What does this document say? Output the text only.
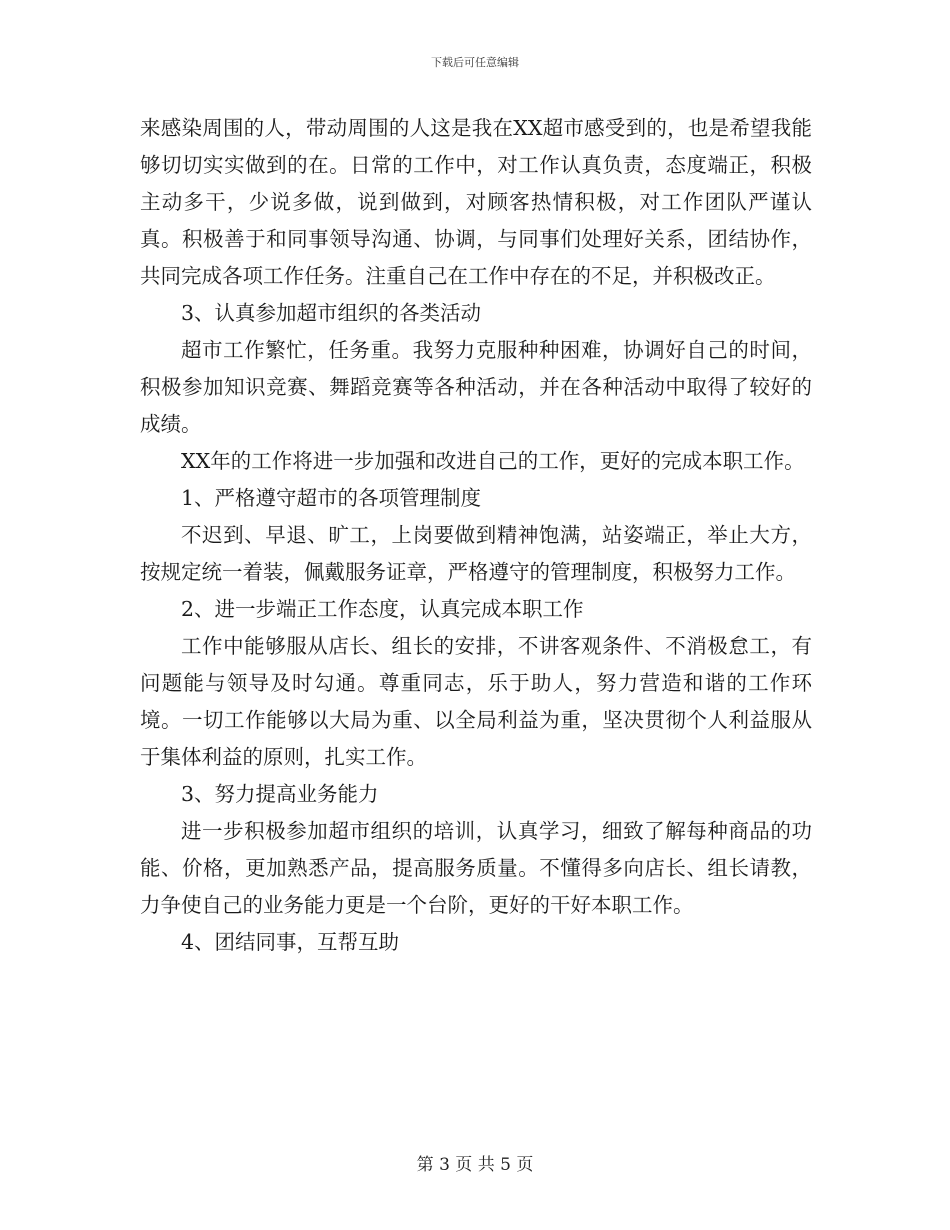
下载后可任意编辑

来感染周围的人，带动周围的人这是我在XX超市感受到的，也是希望我能够切切实实做到的在。日常的工作中，对工作认真负责，态度端正，积极主动多干，少说多做，说到做到，对顾客热情积极，对工作团队严谨认真。积极善于和同事领导沟通、协调，与同事们处理好关系，团结协作，共同完成各项工作任务。注重自己在工作中存在的不足，并积极改正。

3、认真参加超市组织的各类活动

超市工作繁忙，任务重。我努力克服种种困难，协调好自己的时间，积极参加知识竞赛、舞蹈竞赛等各种活动，并在各种活动中取得了较好的成绩。

XX年的工作将进一步加强和改进自己的工作，更好的完成本职工作。

1、严格遵守超市的各项管理制度

不迟到、早退、旷工，上岗要做到精神饱满，站姿端正，举止大方，按规定统一着装，佩戴服务证章，严格遵守的管理制度，积极努力工作。

2、进一步端正工作态度，认真完成本职工作

工作中能够服从店长、组长的安排，不讲客观条件、不消极怠工，有问题能与领导及时勾通。尊重同志，乐于助人，努力营造和谐的工作环境。一切工作能够以大局为重、以全局利益为重，坚决贯彻个人利益服从于集体利益的原则，扎实工作。

3、努力提高业务能力

进一步积极参加超市组织的培训，认真学习，细致了解每种商品的功能、价格，更加熟悉产品，提高服务质量。不懂得多向店长、组长请教，力争使自己的业务能力更是一个台阶，更好的干好本职工作。

4、团结同事，互帮互助

第 3 页 共 5 页
